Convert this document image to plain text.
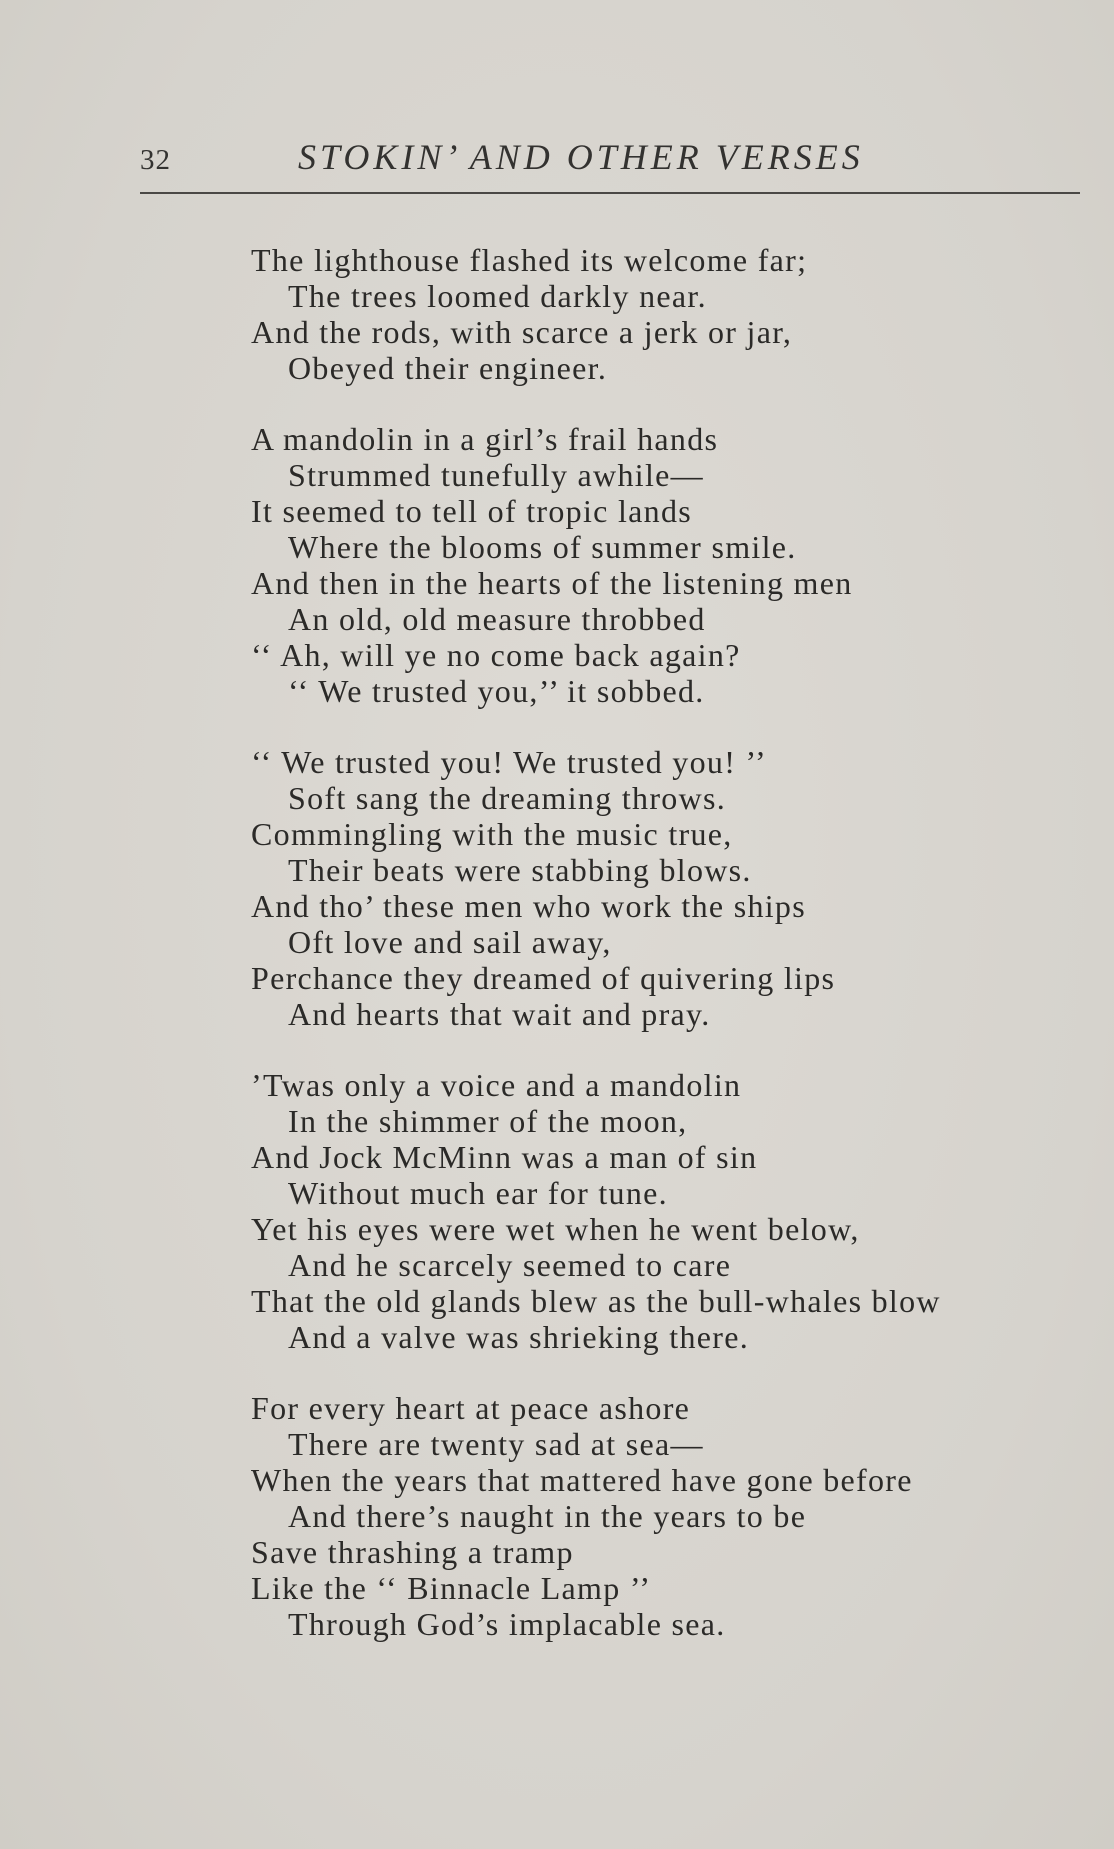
32	STOKIN’ AND OTHER VERSES
The lighthouse flashed its welcome far;
The trees loomed darkly near.
And the rods, with scarce a jerk or jar,
Obeyed their engineer.
A mandolin in a girl’s frail hands
Strummed tunefully awhile—
It seemed to tell of tropic lands
Where the blooms of summer smile.
And then in the hearts of the listening men
An old, old measure throbbed
‘‘ Ah, will ye no come back again?
‘‘ We trusted you,’’ it sobbed.
‘‘ We trusted you! We trusted you! ’’
Soft sang the dreaming throws.
Commingling with the music true,
Their beats were stabbing blows.
And tho’ these men who work the ships
Oft love and sail away,
Perchance they dreamed of quivering lips
And hearts that wait and pray.
’Twas only a voice and a mandolin
In the shimmer of the moon,
And Jock McMinn was a man of sin
Without much ear for tune.
Yet his eyes were wet when he went below,
And he scarcely seemed to care
That the old glands blew as the bull-whales blow
And a valve was shrieking there.
For every heart at peace ashore
There are twenty sad at sea—
When the years that mattered have gone before
And there’s naught in the years to be
Save thrashing a tramp
Like the ‘‘ Binnacle Lamp ’’
Through God’s implacable sea.
